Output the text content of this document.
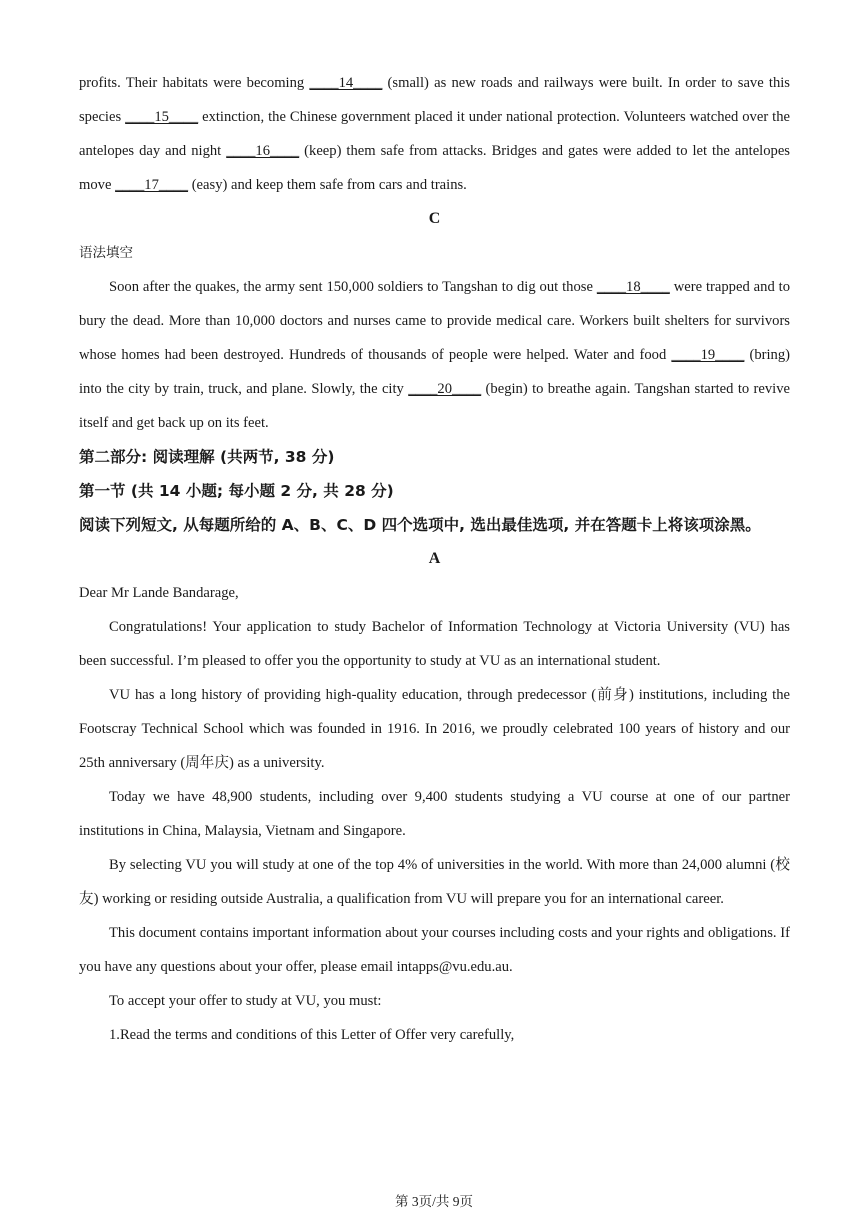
profits. Their habitats were becoming ____14____ (small) as new roads and railways were built. In order to save this species ____15____ extinction, the Chinese government placed it under national protection. Volunteers watched over the antelopes day and night ____16____ (keep) them safe from attacks. Bridges and gates were added to let the antelopes move ____17____ (easy) and keep them safe from cars and trains.

C
语法填空

Soon after the quakes, the army sent 150,000 soldiers to Tangshan to dig out those ____18____ were trapped and to bury the dead. More than 10,000 doctors and nurses came to provide medical care. Workers built shelters for survivors whose homes had been destroyed. Hundreds of thousands of people were helped. Water and food ____19____ (bring) into the city by train, truck, and plane. Slowly, the city ____20____ (begin) to breathe again. Tangshan started to revive itself and get back up on its feet.

第二部分: 阅读理解 (共两节, 38 分)
第一节 (共 14 小题; 每小题 2 分, 共 28 分)
阅读下列短文, 从每题所给的 A、B、C、D 四个选项中, 选出最佳选项, 并在答题卡上将该项涂黑。
A

Dear Mr Lande Bandarage,

Congratulations! Your application to study Bachelor of Information Technology at Victoria University (VU) has been successful. I’m pleased to offer you the opportunity to study at VU as an international student.

VU has a long history of providing high-quality education, through predecessor (前身) institutions, including the Footscray Technical School which was founded in 1916. In 2016, we proudly celebrated 100 years of history and our 25th anniversary (周年庆) as a university.

Today we have 48,900 students, including over 9,400 students studying a VU course at one of our partner institutions in China, Malaysia, Vietnam and Singapore.

By selecting VU you will study at one of the top 4% of universities in the world. With more than 24,000 alumni (校友) working or residing outside Australia, a qualification from VU will prepare you for an international career.

This document contains important information about your courses including costs and your rights and obligations. If you have any questions about your offer, please email intapps@vu.edu.au.

To accept your offer to study at VU, you must:

1.Read the terms and conditions of this Letter of Offer very carefully,

第 3页/共 9页
